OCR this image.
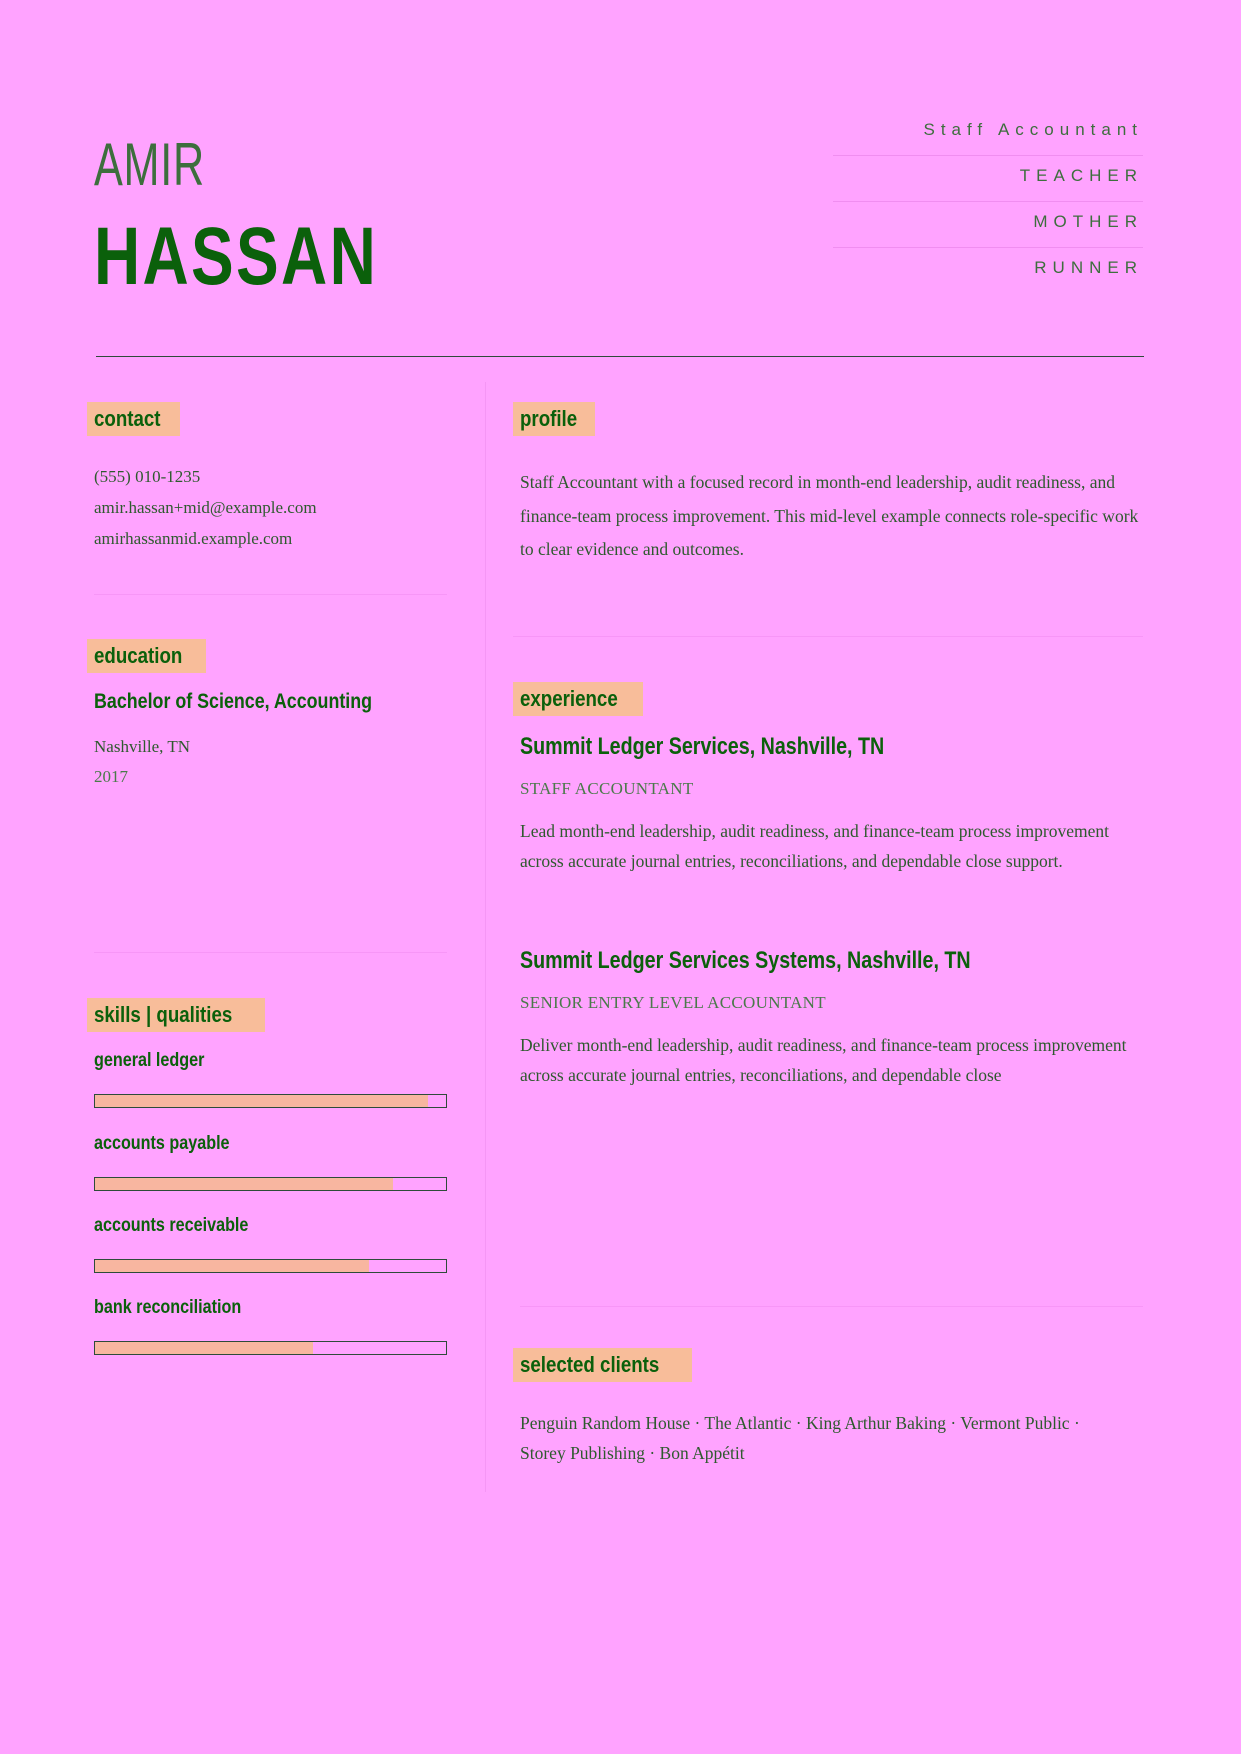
AMIR
HASSAN
Staff Accountant
TEACHER
MOTHER
RUNNER
contact
(555) 010-1235
amir.hassan+mid@example.com
amirhassanmid.example.com
education
Bachelor of Science, Accounting
Nashville, TN
2017
skills | qualities
general ledger
accounts payable
accounts receivable
bank reconciliation
profile
Staff Accountant with a focused record in month-end leadership, audit readiness, and finance-team process improvement. This mid-level example connects role-specific work to clear evidence and outcomes.
experience
Summit Ledger Services, Nashville, TN
STAFF ACCOUNTANT
Lead month-end leadership, audit readiness, and finance-team process improvement across accurate journal entries, reconciliations, and dependable close support.
Summit Ledger Services Systems, Nashville, TN
SENIOR ENTRY LEVEL ACCOUNTANT
Deliver month-end leadership, audit readiness, and finance-team process improvement across accurate journal entries, reconciliations, and dependable close
selected clients
Penguin Random House · The Atlantic · King Arthur Baking · Vermont Public · Storey Publishing · Bon Appétit
